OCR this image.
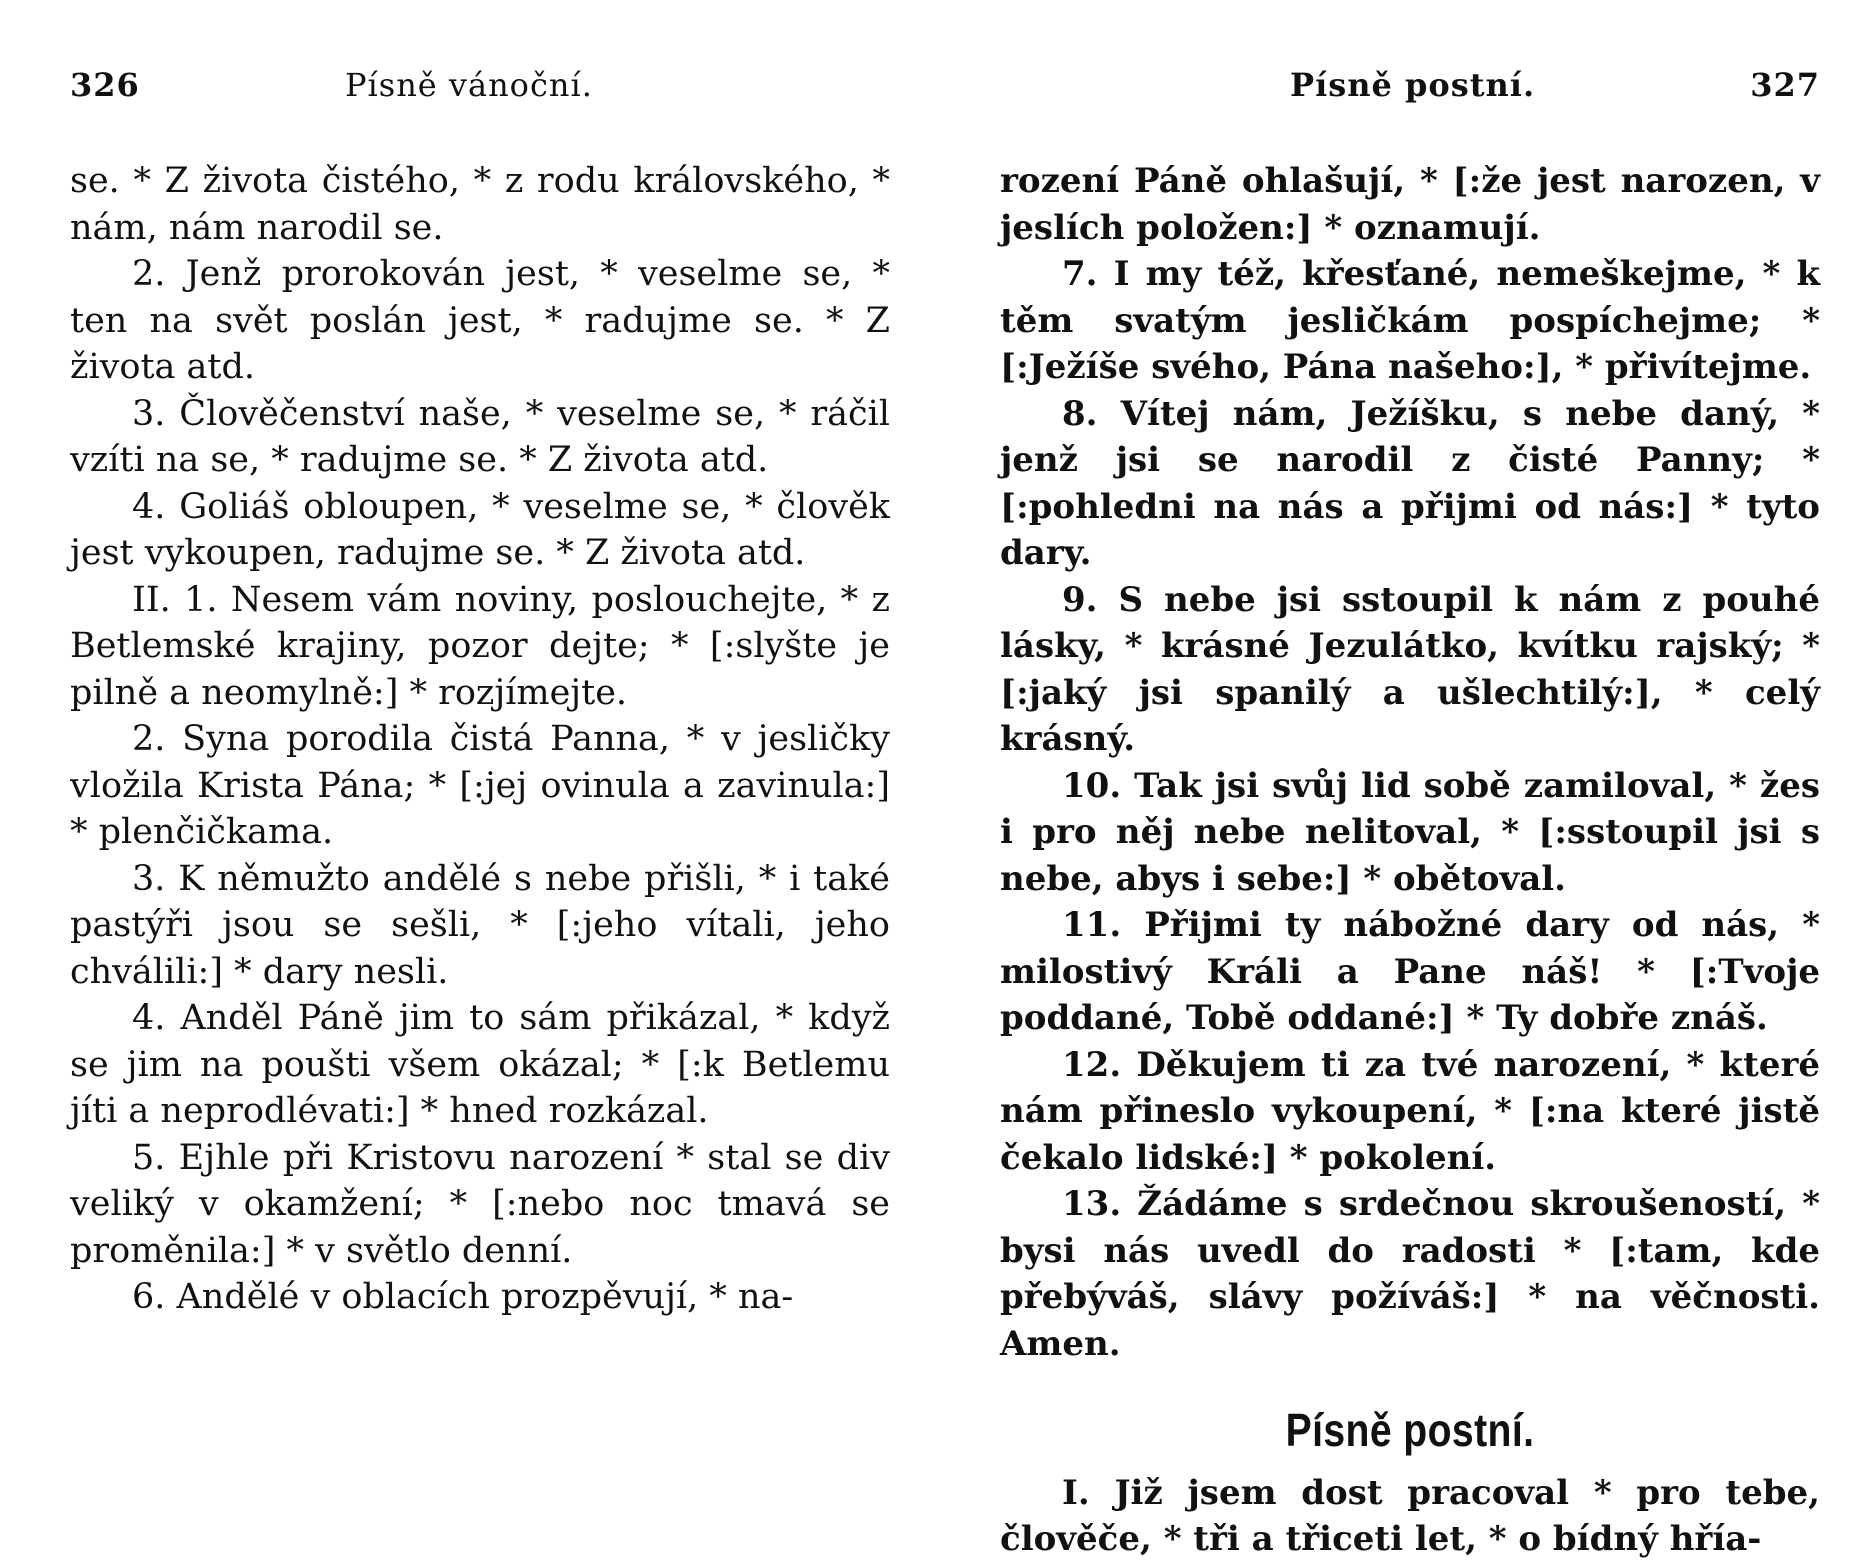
326	Písně vánoční.

se. * Z života čistého, * z rodu královského, * nám, nám narodil se.

2. Jenž prorokován jest, * veselme se, * ten na svět poslán jest, * radujme se. * Z života atd.

3. Člověčenství naše, * veselme se, * ráčil vzíti na se, * radujme se. * Z života atd.

4. Goliáš obloupen, * veselme se, * člověk jest vykoupen, radujme se. * Z života atd.

II. 1. Nesem vám noviny, poslouchejte, * z Betlemské krajiny, pozor dejte; * [:slyšte je pilně a neomylně:] * rozjímejte.

2. Syna porodila čistá Panna, * v jesličky vložila Krista Pána; * [:jej ovinula a zavinula:] * plenčičkama.

3. K němužto andělé s nebe přišli, * i také pastýři jsou se sešli, * [:jeho vítali, jeho chválili:] * dary nesli.

4. Anděl Páně jim to sám přikázal, * když se jim na poušti všem okázal; * [:k Betlemu jíti a neprodlévati:] * hned rozkázal.

5. Ejhle při Kristovu narození * stal se div veliký v okamžení; * [:nebo noc tmavá se proměnila:] * v světlo denní.

6. Andělé v oblacích prozpěvují, * na-

Písně postní.	327

rození Páně ohlašují, * [:že jest narozen, v jeslích položen:] * oznamují.

7. I my též, křesťané, nemeškejme, * k těm svatým jesličkám pospíchejme; * [:Ježíše svého, Pána našeho:], * přivítejme.

8. Vítej nám, Ježíšku, s nebe daný, * jenž jsi se narodil z čisté Panny; * [:pohledni na nás a přijmi od nás:] * tyto dary.

9. S nebe jsi sstoupil k nám z pouhé lásky, * krásné Jezulátko, kvítku rajský; * [:jaký jsi spanilý a ušlechtilý:], * celý krásný.

10. Tak jsi svůj lid sobě zamiloval, * žes i pro něj nebe nelitoval, * [:sstoupil jsi s nebe, abys i sebe:] * obětoval.

11. Přijmi ty nábožné dary od nás, * milostivý Králi a Pane náš! * [:Tvoje poddané, Tobě oddané:] * Ty dobře znáš.

12. Děkujem ti za tvé narození, * které nám přineslo vykoupení, * [:na které jistě čekalo lidské:] * pokolení.

13. Žádáme s srdečnou skroušeností, * bysi nás uvedl do radosti * [:tam, kde přebýváš, slávy požíváš:] * na věčnosti. Amen.

Písně postní.

I. Již jsem dost pracoval * pro tebe, člověče, * tři a třiceti let, * o bídný hřía-
